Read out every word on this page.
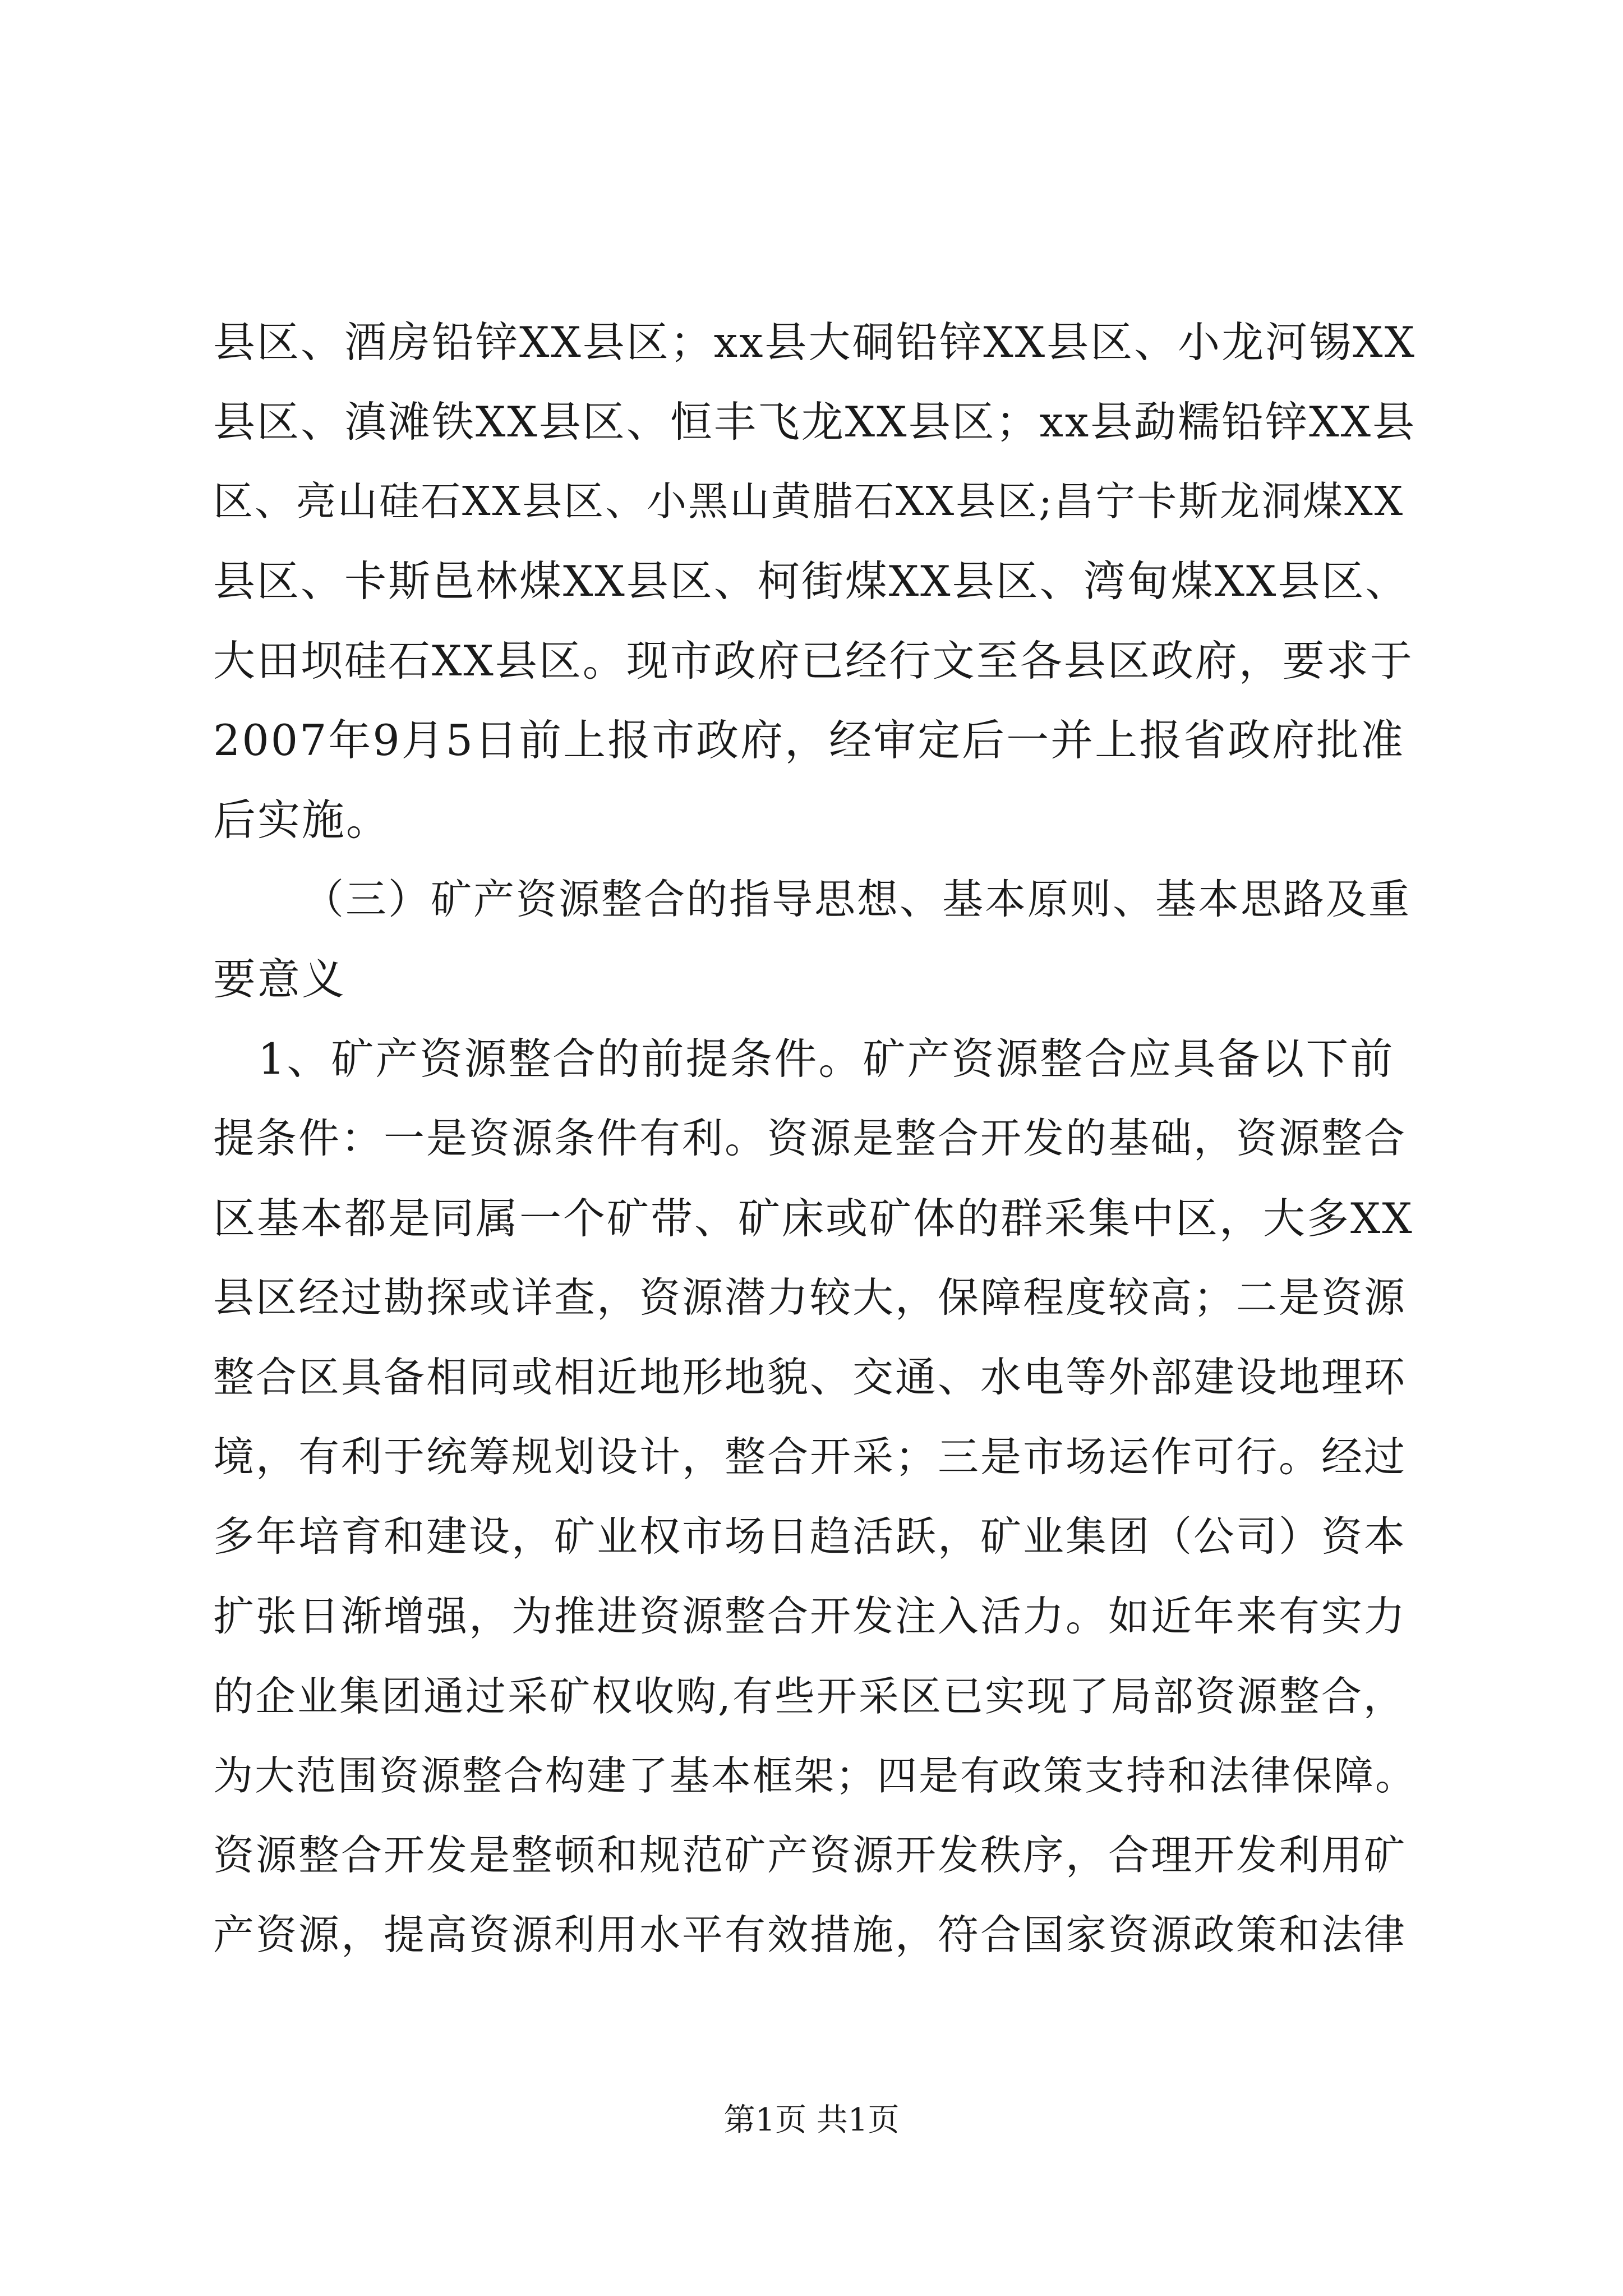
县区、酒房铅锌XX县区；xx县大硐铅锌XX县区、小龙河锡XX
县区、滇滩铁XX县区、恒丰飞龙XX县区；xx县勐糯铅锌XX县
区、亮山硅石XX县区、小黑山黄腊石XX县区;昌宁卡斯龙洞煤XX
县区、卡斯邑林煤XX县区、柯街煤XX县区、湾甸煤XX县区、
大田坝硅石XX县区。现市政府已经行文至各县区政府，要求于
2007年9月5日前上报市政府，经审定后一并上报省政府批准
后实施。
（三）矿产资源整合的指导思想、基本原则、基本思路及重
要意义
1、矿产资源整合的前提条件。矿产资源整合应具备以下前
提条件：一是资源条件有利。资源是整合开发的基础，资源整合
区基本都是同属一个矿带、矿床或矿体的群采集中区，大多XX
县区经过勘探或详查，资源潜力较大，保障程度较高；二是资源
整合区具备相同或相近地形地貌、交通、水电等外部建设地理环
境，有利于统筹规划设计，整合开采；三是市场运作可行。经过
多年培育和建设，矿业权市场日趋活跃，矿业集团（公司）资本
扩张日渐增强，为推进资源整合开发注入活力。如近年来有实力
的企业集团通过采矿权收购,有些开采区已实现了局部资源整合，
为大范围资源整合构建了基本框架；四是有政策支持和法律保障。
资源整合开发是整顿和规范矿产资源开发秩序，合理开发利用矿
产资源，提高资源利用水平有效措施，符合国家资源政策和法律
第1页 共1页
